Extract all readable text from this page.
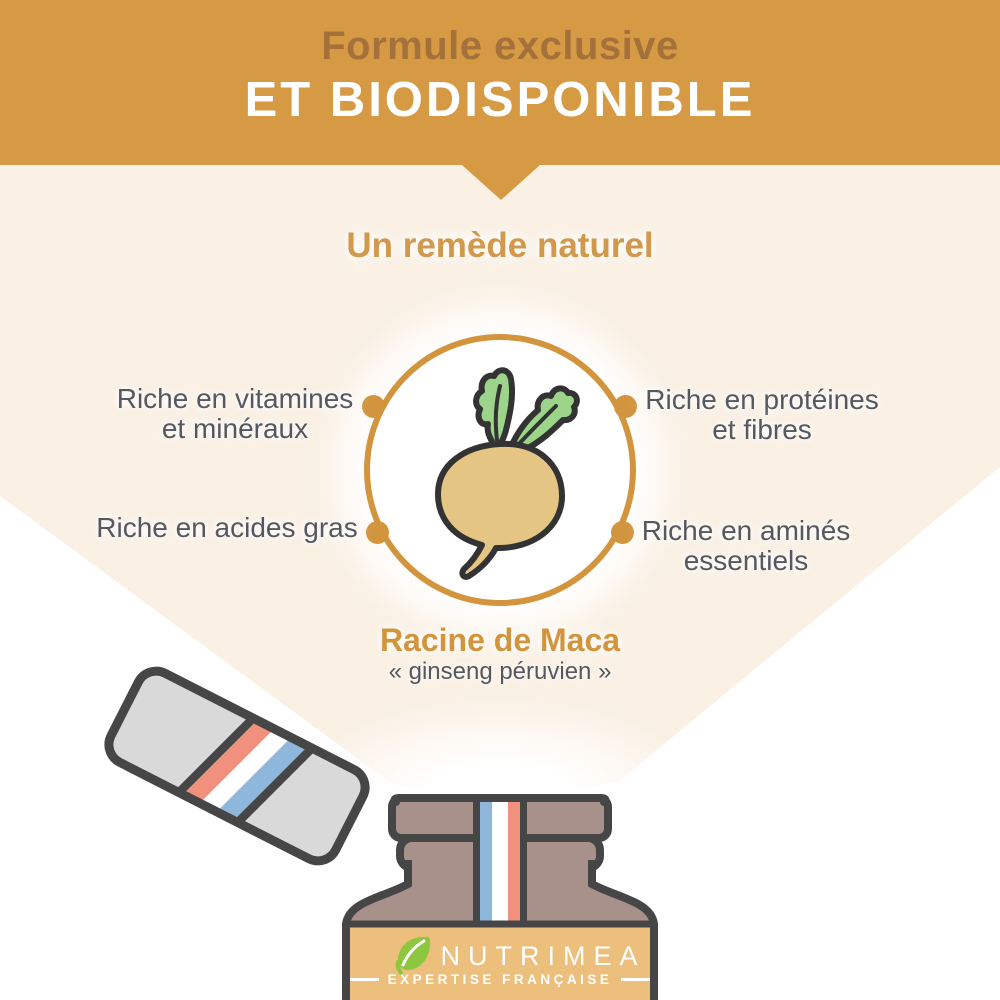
Formule exclusive
ET BIODISPONIBLE
Un remède naturel
Riche en vitamines
et minéraux
Riche en protéines
et fibres
Riche en acides gras	Riche en aminés
essentiels
Racine de Maca
« ginseng péruvien »
NUTRIMEA
EXPERTISE FRANÇAISE
